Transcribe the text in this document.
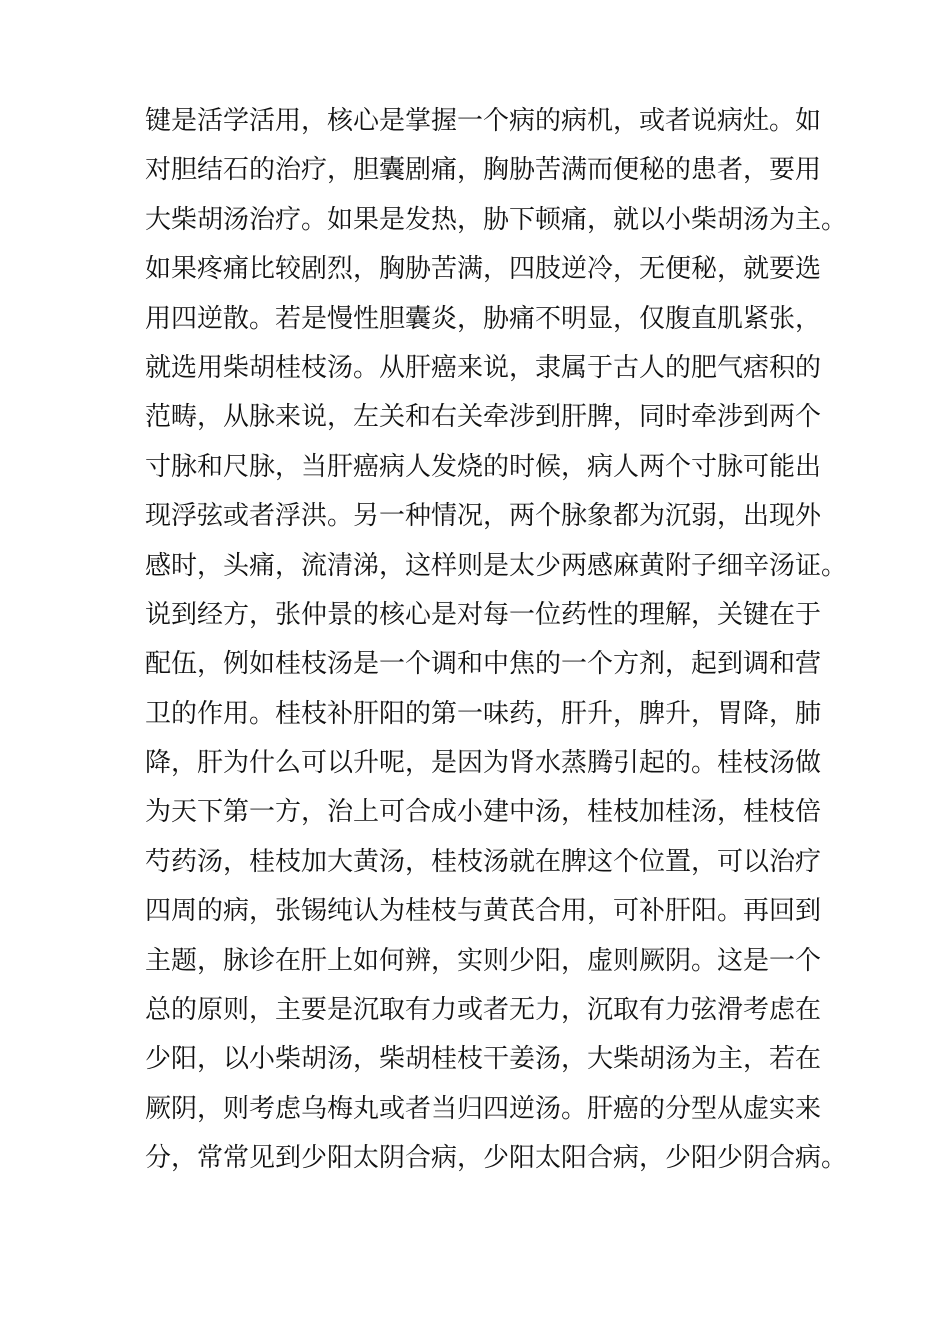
键是活学活用，核心是掌握一个病的病机，或者说病灶。如
对胆结石的治疗，胆囊剧痛，胸胁苦满而便秘的患者，要用
大柴胡汤治疗。如果是发热，胁下顿痛，就以小柴胡汤为主。
如果疼痛比较剧烈，胸胁苦满，四肢逆冷，无便秘，就要选
用四逆散。若是慢性胆囊炎，胁痛不明显，仅腹直肌紧张，
就选用柴胡桂枝汤。从肝癌来说，隶属于古人的肥气痞积的
范畴，从脉来说，左关和右关牵涉到肝脾，同时牵涉到两个
寸脉和尺脉，当肝癌病人发烧的时候，病人两个寸脉可能出
现浮弦或者浮洪。另一种情况，两个脉象都为沉弱，出现外
感时，头痛，流清涕，这样则是太少两感麻黄附子细辛汤证。
说到经方，张仲景的核心是对每一位药性的理解，关键在于
配伍，例如桂枝汤是一个调和中焦的一个方剂，起到调和营
卫的作用。桂枝补肝阳的第一味药，肝升，脾升，胃降，肺
降，肝为什么可以升呢，是因为肾水蒸腾引起的。桂枝汤做
为天下第一方，治上可合成小建中汤，桂枝加桂汤，桂枝倍
芍药汤，桂枝加大黄汤，桂枝汤就在脾这个位置，可以治疗
四周的病，张锡纯认为桂枝与黄芪合用，可补肝阳。再回到
主题，脉诊在肝上如何辨，实则少阳，虚则厥阴。这是一个
总的原则，主要是沉取有力或者无力，沉取有力弦滑考虑在
少阳，以小柴胡汤，柴胡桂枝干姜汤，大柴胡汤为主，若在
厥阴，则考虑乌梅丸或者当归四逆汤。肝癌的分型从虚实来
分，常常见到少阳太阴合病，少阳太阳合病，少阳少阴合病。
